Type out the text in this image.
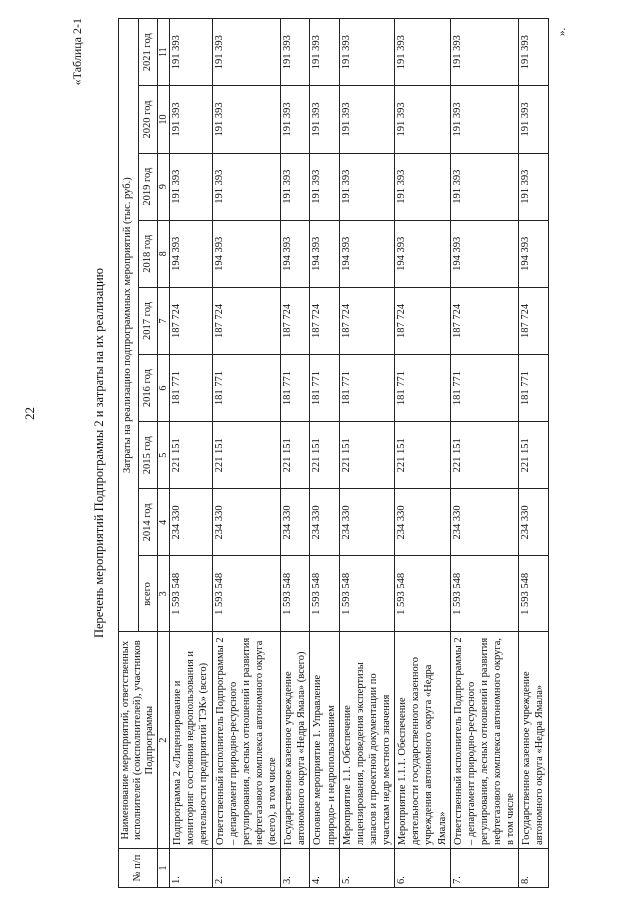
22
«Таблица 2-1
Перечень мероприятий Подпрограммы 2 и затраты на их реализацию
№ п/п	Наименование мероприятий, ответственных исполнителей (соисполнителей), участников Подпрограммы	Затраты на реализацию подпрограммных мероприятий (тыс. руб.)								
		всего	2014 год	2015 год	2016 год	2017 год	2018 год	2019 год	2020 год	2021 год
1	2	3	4	5	6	7	8	9	10	11
1.	Подпрограмма 2 «Лицензирование и мониторинг состояния недропользования и деятельности предприятий ТЭК» (всего)	1 593 548	234 330	221 151	181 771	187 724	194 393	191 393	191 393	191 393
2.	Ответственный исполнитель Подпрограммы 2 – департамент природно-ресурсного регулирования, лесных отношений и развития нефтегазового комплекса автономного округа (всего), в том числе	1 593 548	234 330	221 151	181 771	187 724	194 393	191 393	191 393	191 393
3.	Государственное казенное учреждение автономного округа «Недра Ямала» (всего)	1 593 548	234 330	221 151	181 771	187 724	194 393	191 393	191 393	191 393
4.	Основное мероприятие 1. Управление природо- и недропользованием	1 593 548	234 330	221 151	181 771	187 724	194 393	191 393	191 393	191 393
5.	Мероприятие 1.1. Обеспечение лицензирования, проведения экспертизы запасов и проектной документации по участкам недр местного значения	1 593 548	234 330	221 151	181 771	187 724	194 393	191 393	191 393	191 393
6.	Мероприятие 1.1.1. Обеспечение деятельности государственного казенного учреждения автономного округа «Недра Ямала»	1 593 548	234 330	221 151	181 771	187 724	194 393	191 393	191 393	191 393
7.	Ответственный исполнитель Подпрограммы 2 – департамент природно-ресурсного регулирования, лесных отношений и развития нефтегазового комплекса автономного округа, в том числе	1 593 548	234 330	221 151	181 771	187 724	194 393	191 393	191 393	191 393
8.	Государственное казенное учреждение автономного округа «Недра Ямала»	1 593 548	234 330	221 151	181 771	187 724	194 393	191 393	191 393	191 393
».
